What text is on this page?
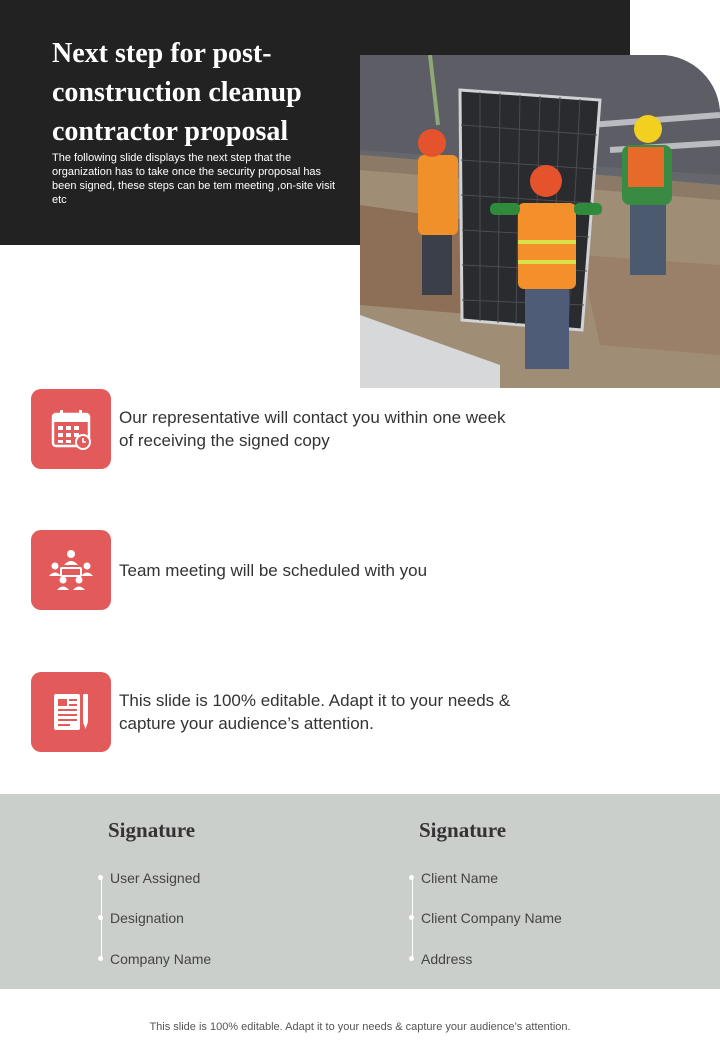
Next step for post-construction cleanup contractor proposal

The following slide displays the next step that the organization has to take once the security proposal has been signed, these steps can be tem meeting ,on-site visit etc

Our representative will contact you within one week of receiving the signed copy
Team meeting will be scheduled with you
This slide is 100% editable. Adapt it to your needs & capture your audience’s attention.
Signature
User Assigned
Designation
Company Name
Signature
Client Name
Client Company Name
Address
This slide is 100% editable. Adapt it to your needs & capture your audience’s attention.
